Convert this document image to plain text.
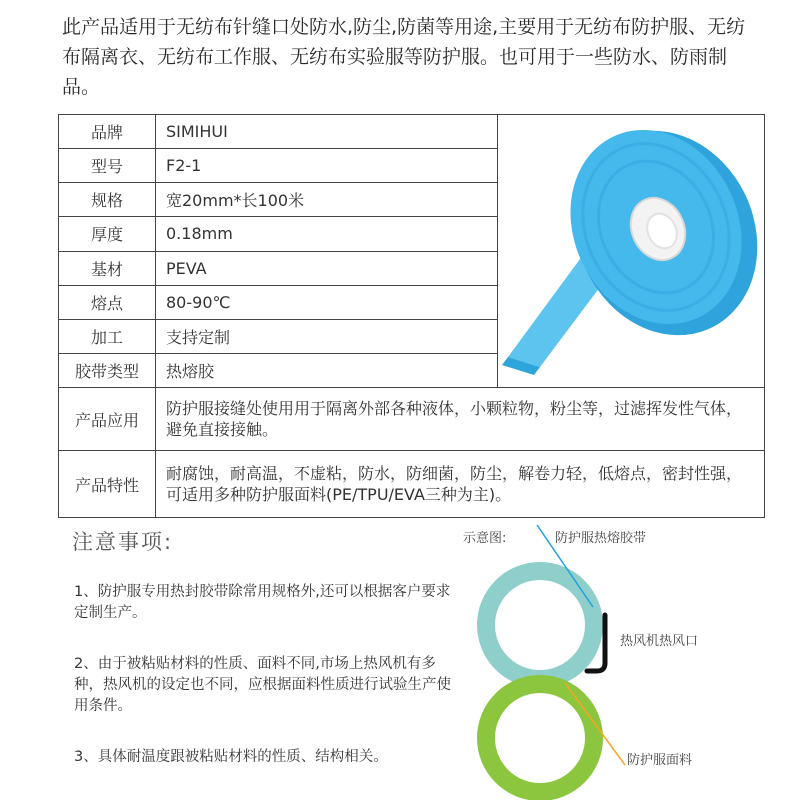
此产品适用于无纺布针缝口处防水,防尘,防菌等用途,主要用于无纺布防护服、无纺布隔离衣、无纺布工作服、无纺布实验服等防护服。也可用于一些防水、防雨制品。
品牌	SIMIHUI	
型号	F2-1	
规格	宽20mm*长100米	
厚度	0.18mm	
基材	PEVA	
熔点	80-90℃	
加工	支持定制	
胶带类型	热熔胶	
产品应用	防护服接缝处使用用于隔离外部各种液体，小颗粒物，粉尘等，过滤挥发性气体，避免直接接触。	
产品特性	耐腐蚀，耐高温，不虚粘，防水，防细菌，防尘，解卷力轻，低熔点，密封性强，可适用多种防护服面料(PE/TPU/EVA三种为主)。	
注意事项:
1、防护服专用热封胶带除常用规格外,还可以根据客户要求定制生产。
2、由于被粘贴材料的性质、面料不同,市场上热风机有多种，热风机的设定也不同，应根据面料性质进行试验生产使用条件。
3、具体耐温度跟被粘贴材料的性质、结构相关。
示意图:	防护服热熔胶带
热风机热风口
防护服面料
